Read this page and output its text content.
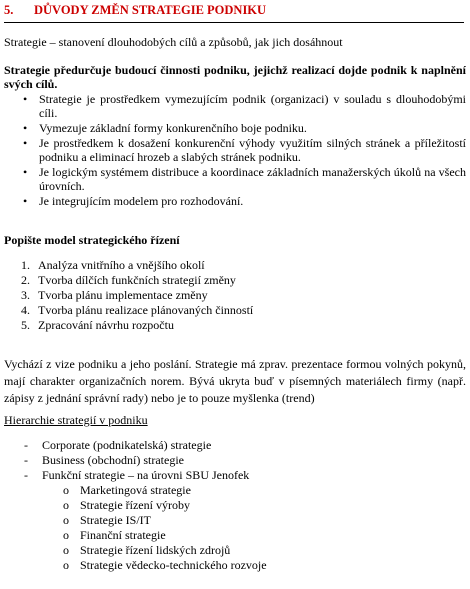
5. DŮVODY ZMĚN STRATEGIE PODNIKU
Strategie – stanovení dlouhodobých cílů a způsobů, jak jich dosáhnout
Strategie předurčuje budoucí činnosti podniku, jejichž realizací dojde podnik k naplnění svých cílů.
• Strategie je prostředkem vymezujícím podnik (organizaci) v souladu s dlouhodobými cíli.
• Vymezuje základní formy konkurenčního boje podniku.
• Je prostředkem k dosažení konkurenční výhody využitím silných stránek a příležitostí podniku a eliminací hrozeb a slabých stránek podniku.
• Je logickým systémem distribuce a koordinace základních manažerských úkolů na všech úrovních.
• Je integrujícím modelem pro rozhodování.
Popište model strategického řízení
1. Analýza vnitřního a vnějšího okolí
2. Tvorba dílčích funkčních strategií změny
3. Tvorba plánu implementace změny
4. Tvorba plánu realizace plánovaných činností
5. Zpracování návrhu rozpočtu
Vychází z vize podniku a jeho poslání. Strategie má zprav. prezentace formou volných pokynů, mají charakter organizačních norem. Bývá ukryta buď v písemných materiálech firmy (např. zápisy z jednání správní rady) nebo je to pouze myšlenka (trend)
Hierarchie strategií v podniku
- Corporate (podnikatelská) strategie
- Business (obchodní) strategie
- Funkční strategie – na úrovni SBU Jenofek
o Marketingová strategie
o Strategie řízení výroby
o Strategie IS/IT
o Finanční strategie
o Strategie řízení lidských zdrojů
o Strategie vědecko-technického rozvoje
